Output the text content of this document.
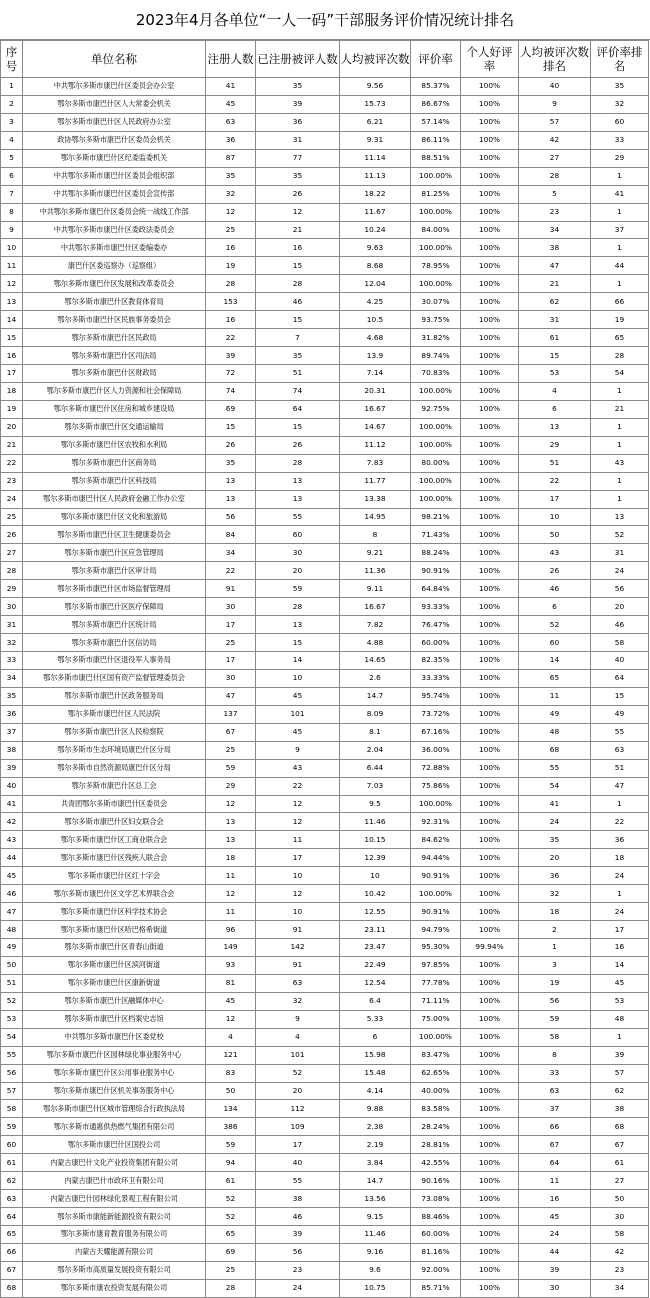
2023年4月各单位“一人一码”干部服务评价情况统计排名
序号	单位名称	注册人数	已注册被评人数	人均被评次数	评价率	个人好评率	人均被评次数排名	评价率排名
1	中共鄂尔多斯市康巴什区委员会办公室	41	35	9.56	85.37%	100%	40	35
2	鄂尔多斯市康巴什区人大常委会机关	45	39	15.73	86.67%	100%	9	32
3	鄂尔多斯市康巴什区人民政府办公室	63	36	6.21	57.14%	100%	57	60
4	政协鄂尔多斯市康巴什区委员会机关	36	31	9.31	86.11%	100%	42	33
5	鄂尔多斯市康巴什区纪委监委机关	87	77	11.14	88.51%	100%	27	29
6	中共鄂尔多斯市康巴什区委员会组织部	35	35	11.13	100.00%	100%	28	1
7	中共鄂尔多斯市康巴什区委员会宣传部	32	26	18.22	81.25%	100%	5	41
8	中共鄂尔多斯市康巴什区委员会统一战线工作部	12	12	11.67	100.00%	100%	23	1
9	中共鄂尔多斯市康巴什区委政法委员会	25	21	10.24	84.00%	100%	34	37
10	中共鄂尔多斯市康巴什区委编委办	16	16	9.63	100.00%	100%	38	1
11	康巴什区委巡察办（巡察组）	19	15	8.68	78.95%	100%	47	44
12	鄂尔多斯市康巴什区发展和改革委员会	28	28	12.04	100.00%	100%	21	1
13	鄂尔多斯市康巴什区教育体育局	153	46	4.25	30.07%	100%	62	66
14	鄂尔多斯市康巴什区民族事务委员会	16	15	10.5	93.75%	100%	31	19
15	鄂尔多斯市康巴什区民政局	22	7	4.68	31.82%	100%	61	65
16	鄂尔多斯市康巴什区司法局	39	35	13.9	89.74%	100%	15	28
17	鄂尔多斯市康巴什区财政局	72	51	7.14	70.83%	100%	53	54
18	鄂尔多斯市康巴什区人力资源和社会保障局	74	74	20.31	100.00%	100%	4	1
19	鄂尔多斯市康巴什区住房和城乡建设局	69	64	16.67	92.75%	100%	6	21
20	鄂尔多斯市康巴什区交通运输局	15	15	14.67	100.00%	100%	13	1
21	鄂尔多斯市康巴什区农牧和水利局	26	26	11.12	100.00%	100%	29	1
22	鄂尔多斯市康巴什区商务局	35	28	7.83	80.00%	100%	51	43
23	鄂尔多斯市康巴什区科技局	13	13	11.77	100.00%	100%	22	1
24	鄂尔多斯市康巴什区人民政府金融工作办公室	13	13	13.38	100.00%	100%	17	1
25	鄂尔多斯市康巴什区文化和旅游局	56	55	14.95	98.21%	100%	10	13
26	鄂尔多斯市康巴什区卫生健康委员会	84	60	8	71.43%	100%	50	52
27	鄂尔多斯市康巴什区应急管理局	34	30	9.21	88.24%	100%	43	31
28	鄂尔多斯市康巴什区审计局	22	20	11.36	90.91%	100%	26	24
29	鄂尔多斯市康巴什区市场监督管理局	91	59	9.11	64.84%	100%	46	56
30	鄂尔多斯市康巴什区医疗保障局	30	28	16.67	93.33%	100%	6	20
31	鄂尔多斯市康巴什区统计局	17	13	7.82	76.47%	100%	52	46
32	鄂尔多斯市康巴什区信访局	25	15	4.88	60.00%	100%	60	58
33	鄂尔多斯市康巴什区退役军人事务局	17	14	14.65	82.35%	100%	14	40
34	鄂尔多斯市康巴什区国有资产监督管理委员会	30	10	2.6	33.33%	100%	65	64
35	鄂尔多斯市康巴什区政务服务局	47	45	14.7	95.74%	100%	11	15
36	鄂尔多斯市康巴什区人民法院	137	101	8.09	73.72%	100%	49	49
37	鄂尔多斯市康巴什区人民检察院	67	45	8.1	67.16%	100%	48	55
38	鄂尔多斯市生态环境局康巴什区分局	25	9	2.04	36.00%	100%	68	63
39	鄂尔多斯市自然资源局康巴什区分局	59	43	6.44	72.88%	100%	55	51
40	鄂尔多斯市康巴什区总工会	29	22	7.03	75.86%	100%	54	47
41	共青团鄂尔多斯市康巴什区委员会	12	12	9.5	100.00%	100%	41	1
42	鄂尔多斯市康巴什区妇女联合会	13	12	11.46	92.31%	100%	24	22
43	鄂尔多斯市康巴什区工商业联合会	13	11	10.15	84.62%	100%	35	36
44	鄂尔多斯市康巴什区残疾人联合会	18	17	12.39	94.44%	100%	20	18
45	鄂尔多斯市康巴什区红十字会	11	10	10	90.91%	100%	36	24
46	鄂尔多斯市康巴什区文学艺术界联合会	12	12	10.42	100.00%	100%	32	1
47	鄂尔多斯市康巴什区科学技术协会	11	10	12.55	90.91%	100%	18	24
48	鄂尔多斯市康巴什区哈巴格希街道	96	91	23.11	94.79%	100%	2	17
49	鄂尔多斯市康巴什区青春山街道	149	142	23.47	95.30%	99.94%	1	16
50	鄂尔多斯市康巴什区滨河街道	93	91	22.49	97.85%	100%	3	14
51	鄂尔多斯市康巴什区康新街道	81	63	12.54	77.78%	100%	19	45
52	鄂尔多斯市康巴什区融媒体中心	45	32	6.4	71.11%	100%	56	53
53	鄂尔多斯市康巴什区档案史志馆	12	9	5.33	75.00%	100%	59	48
54	中共鄂尔多斯市康巴什区委党校	4	4	6	100.00%	100%	58	1
55	鄂尔多斯市康巴什区园林绿化事业服务中心	121	101	15.98	83.47%	100%	8	39
56	鄂尔多斯市康巴什区公用事业服务中心	83	52	15.48	62.65%	100%	33	57
57	鄂尔多斯市康巴什区机关事务服务中心	50	20	4.14	40.00%	100%	63	62
58	鄂尔多斯市康巴什区城市管理综合行政执法局	134	112	9.88	83.58%	100%	37	38
59	鄂尔多斯市通惠供热燃气集团有限公司	386	109	2.38	28.24%	100%	66	68
60	鄂尔多斯市康巴什区国投公司	59	17	2.19	28.81%	100%	67	67
61	内蒙古康巴什文化产业投资集团有限公司	94	40	3.84	42.55%	100%	64	61
62	内蒙古康巴什市政环卫有限公司	61	55	14.7	90.16%	100%	11	27
63	内蒙古康巴什园林绿化景观工程有限公司	52	38	13.56	73.08%	100%	16	50
64	鄂尔多斯市康能新能源投资有限公司	52	46	9.15	88.46%	100%	45	30
65	鄂尔多斯市康育教育服务有限公司	65	39	11.46	60.00%	100%	24	58
66	内蒙古天耀能源有限公司	69	56	9.16	81.16%	100%	44	42
67	鄂尔多斯市高质量发展投资有限公司	25	23	9.6	92.00%	100%	39	23
68	鄂尔多斯市康农投资发展有限公司	28	24	10.75	85.71%	100%	30	34
